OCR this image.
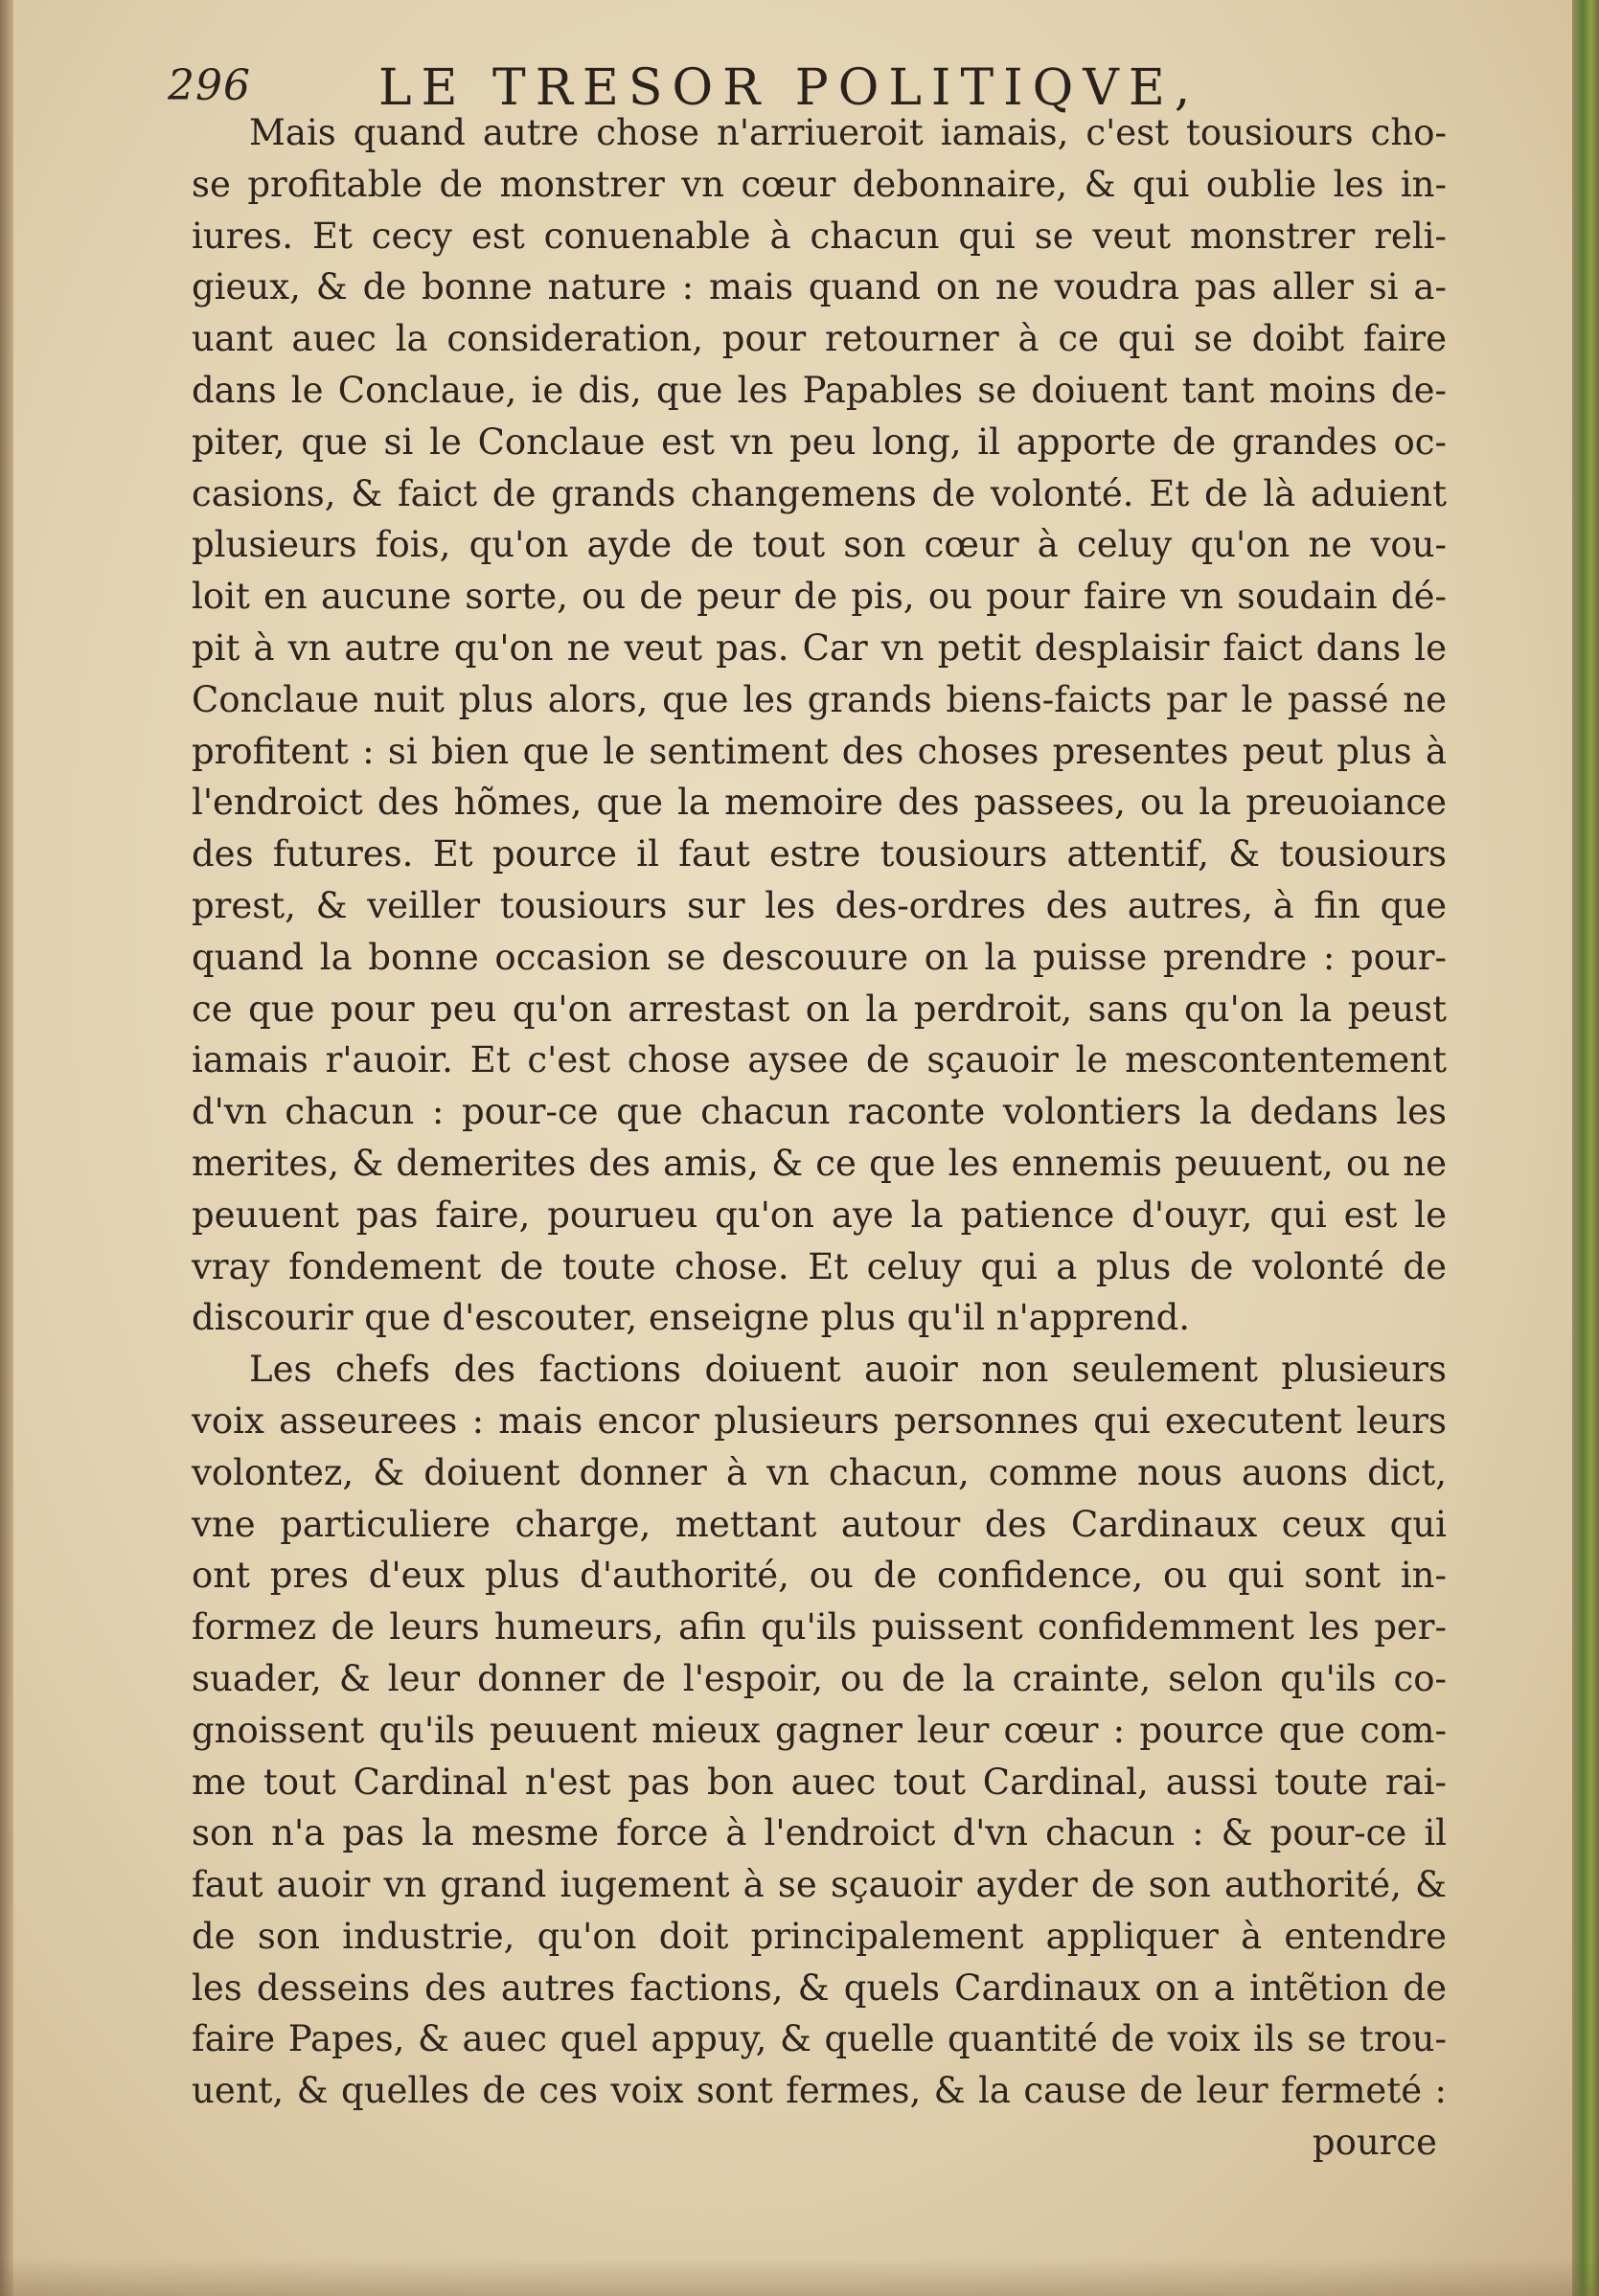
296	LE TRESOR POLITIQVE,
Mais quand autre chose n'arriueroit iamais, c'est tousiours cho-
se profitable de monstrer vn cœur debonnaire, & qui oublie les in-
iures. Et cecy est conuenable à chacun qui se veut monstrer reli-
gieux, & de bonne nature : mais quand on ne voudra pas aller si a-
uant auec la consideration, pour retourner à ce qui se doibt faire
dans le Conclaue, ie dis, que les Papables se doiuent tant moins de-
piter, que si le Conclaue est vn peu long, il apporte de grandes oc-
casions, & faict de grands changemens de volonté. Et de là aduient
plusieurs fois, qu'on ayde de tout son cœur à celuy qu'on ne vou-
loit en aucune sorte, ou de peur de pis, ou pour faire vn soudain dé-
pit à vn autre qu'on ne veut pas. Car vn petit desplaisir faict dans le
Conclaue nuit plus alors, que les grands biens-faicts par le passé ne
profitent : si bien que le sentiment des choses presentes peut plus à
l'endroict des hõmes, que la memoire des passees, ou la preuoiance
des futures. Et pource il faut estre tousiours attentif, & tousiours
prest, & veiller tousiours sur les des-ordres des autres, à fin que
quand la bonne occasion se descouure on la puisse prendre : pour-
ce que pour peu qu'on arrestast on la perdroit, sans qu'on la peust
iamais r'auoir. Et c'est chose aysee de sçauoir le mescontentement
d'vn chacun : pour-ce que chacun raconte volontiers la dedans les
merites, & demerites des amis, & ce que les ennemis peuuent, ou ne
peuuent pas faire, pourueu qu'on aye la patience d'ouyr, qui est le
vray fondement de toute chose. Et celuy qui a plus de volonté de
discourir que d'escouter, enseigne plus qu'il n'apprend.
Les chefs des factions doiuent auoir non seulement plusieurs
voix asseurees : mais encor plusieurs personnes qui executent leurs
volontez, & doiuent donner à vn chacun, comme nous auons dict,
vne particuliere charge, mettant autour des Cardinaux ceux qui
ont pres d'eux plus d'authorité, ou de confidence, ou qui sont in-
formez de leurs humeurs, afin qu'ils puissent confidemment les per-
suader, & leur donner de l'espoir, ou de la crainte, selon qu'ils co-
gnoissent qu'ils peuuent mieux gagner leur cœur : pource que com-
me tout Cardinal n'est pas bon auec tout Cardinal, aussi toute rai-
son n'a pas la mesme force à l'endroict d'vn chacun : & pour-ce il
faut auoir vn grand iugement à se sçauoir ayder de son authorité, &
de son industrie, qu'on doit principalement appliquer à entendre
les desseins des autres factions, & quels Cardinaux on a intẽtion de
faire Papes, & auec quel appuy, & quelle quantité de voix ils se trou-
uent, & quelles de ces voix sont fermes, & la cause de leur fermeté :
pource
